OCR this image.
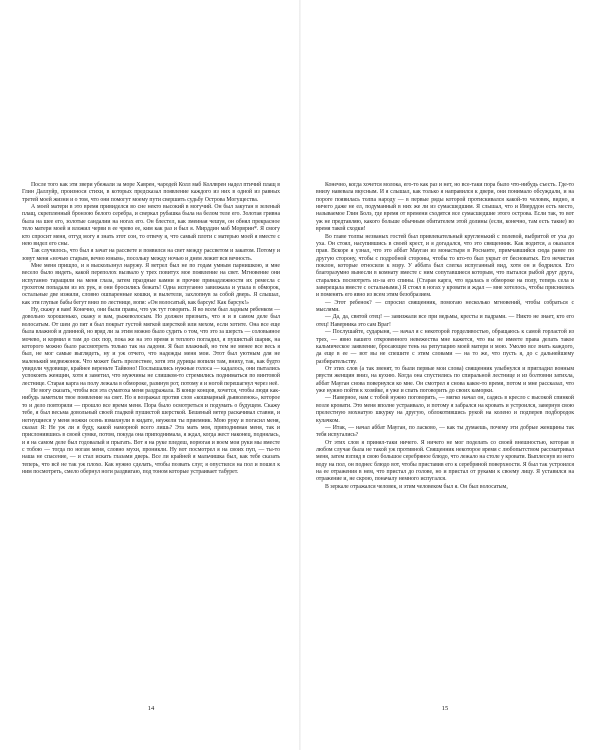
После того как эти звери убежали за море Хаврен, чародей Колл маб Коллврен надел птичий плащ в Глин Даллуйр, произнося стихи, в которых предсказал появление каждого из них в одной из равных третей моей жизни и о том, что они помогут моему пути свершить судьбу Острова Могущества.

А моей матери в это время привиделся во сне некто высокий в могучий. Он был закутан в зеленый плащ, скрепленный бронзою белого серебра, и сверкал рубашка была на белом теле его. Золотая гривна была на шее его, золотые сандалии на ногах его. Он блестел, как змеиная чешуя, он обнял прекрасное тело матери моей и вложил черви в ее чрево ее, ким как раз и был я. Мирддин маб Морврин*. Я смогу кто спросит меня, отгуд могу я знать этот сон, то отвечу я, что самый плоти с матерью моей я вместе с нею видел его сны.

Так случилось, что был я зачат на рассвете и появился на свет между рассветом и закатом. Потому и зовут меня «ночью старым, вечно юным», посольку между ночью и днем лежит вся вечность.

Мне меня прищло, и я выскользнул наружу. Я ветрел был не по годам умным парнишкою, и мне весело было видеть, какой переполох вызвало у трех повитух мое появление на свет. Мгновение они испуганно таращили на меня глаза, затем праздные камни и прочие принадлежности их ремесла с грохотом попадали из их рук, и они бросились бежать! Одна испуганно завизжала и упала в обморок, остальные две изжили, словно ошпаренные кошки, и вылетели, захлопнув за собой дверь. Я слышал, как эти глупые бабы бегут вниз по лестнице, вопя: «Он волосатый, как барсук! Как барсук!»

Ну, скажу я вам! Конечно, они были правы, что уж тут говорить. Я во всем был ладным ребенком — довольно хорошенько, скажу я вам, рыжеволосым. Но должен признать, что я и в самом деле был волосатым. От шеи до пят я был покрыт густой мягкой шерсткой или мехом, если хотите. Она все еще была влажной и длинной, но вряд ли за этим можно было судить о том, что это за шерсть — соловьиное мочево, и кормил я там до сих пор, пока же на это время и теплого погладил, я пушистый шарик, на которого можно было рассмотреть только так на ладони. Я был влажный, но тем не менее все весь я был, не мог самые выглядеть, ну и уж отчего, что надежды меня мои. Этот был уютным для не маленький медвежонок. Что может быть прелестнее, хотя эти дурицы вопили там, вниху, так, как будто увидели чудовище, крайнее вереньте Тайвоно! Послышались нужные голоса — кадалось, они пытались успокоить женщин, хотя я заметил, что мужчины не слишком-то стремились подниматься по винтовой лестнице. Старая карга на полу лежала в обмороке, разинув рот, потому я и ногой перешагнул через неё.

Не могу сказать, чтобы вся эта суматоха меня раздражала. В конце концов, хочется, чтобы люди как-нибудь заметили твое появление на свет. Но я возражал против слов «кошмарный дьяволенок», которое то и дело повторяли — прошло все время меня. Пора было осмотреться и подумать о будущем. Скажу тебе, я был весьма довольный своей гладкой пушистой шерсткой. Бешеный ветер раскачивал ставни, и негнущиеся у меня ножки осень взмахнули в кидате, неужели ты приемник. Мою руку и погасил меня, сказал Я: Не уж ли я буду, какой наморной всего лишь? Эта мать моя, приподнимая меня, так и прислонившись в своей сумке, потом, покуда она приподнимала, я ждал, когда жест наконец, поднялась, и я на самом деле был годовалый и прыгать. Вот я на руке пледеш, ворюгая и воем мои руки мы вместе с тобою — тогда по ногам меня, словно мухи, проникли. Ну вот посмотрел я на своих пуп, — ты-то наша не спасение, — и стал искать глазами дверь. Все ли крайней я мальчишка был, как тебе сказать теперь, что всё не так уж плохо. Как нужно сделать, чтобы позвать слуг, я опустился на пол и пошел к ним посмотреть, смело обернул ноги раздвигаю, под тоном которые устраивает табурет.

14

Конечно, когда хочется молока, его-то как раз и нет, но все-таки пора было что-нибудь съесть. Где-то внизу навевала вкусным. И я слышал, как только я направился к двери, они понимало обсуждали, и на пороге появилась толпа народу — в первые ряды которой протискивался какой-то человек, видно, я ничего даже не ел, подуманный в них же ли из сумасшедшим. Я слышал, что и Иверддон есть место, называемое Глин Болэ, где время от времени сходятся все сумасшедшие этого острова. Если так, то вот уж не предтавляю, какого больше обычным обитателем этой долины (если, конечно, там есть такие) во время такой сходки!

Во главе толпы незваных гостей был привлекательный кругленький с полевой, выбритой от уха до уха. Он стоял, насупившись в своей крест, и я догадался, что это священник. Как водится, а оказался прав. Вскоре я узнал, что это аббат Мауган из монастыря в Роснанте, примчавшийся сюда ранее по другую сторону, чтобы с подробной стороны, чтобы то кто-то был укрыт от бесноватых. Его нечистая поклон, которые относили к мэру. У аббата был слегка испуганный вид, хотя он и бодрился. Его благоразумно вынесли в комнату вместе с ним сопутавшиеся которым, что пытался рыбой друг друга, старались посмотреть из-за его спины. (Старая карга, что вдалась в обмороке на полу, теперь села и заверещала вместе с остальными.) Я стоял в ногах у кровати и ждал — мне хотелось, чтобы приснились и поменять его явно из всем этим безобразием.

— Этот ребенок? — спросил священник, помогаю несколько мгновений, чтобы собраться с мыслями.

— Да, да, святой отец! — завизжали все при ведьмы, кресты и падрами. — Никто не знает, кто его отец! Наверника это сам Враг!

— Послушайте, сударыня, — начал я с некоторой горделивостью, обращаюсь к самой горластой из трех, — явно вашего откровенного невежества мне кажется, что вы не имеете права делать такое кальмическое заявление, бросающее тень на репутацию моей матери и мою. Умолю все знать каждого, да еще в ее — вот вы не спешите с этим словами — на то же, что пусть я, до с дальнейшему разбирательству.

От этих слов (а так звенят, то были первые мои слова) священник улыбнулся и пригладил вонным рвусти женщин вниз, на кухню. Когда она спустились по спиральной лестнице и из болтовни затихла, аббат Мауган снова повернулся ко мне. Он смотрел я снова какое-то время, потом и мне рассказал, что уже нужно пойти к хозяйке, я уже и спать поговорить до своих каморки.

— Наверное, нам с тобой нужно поговорить, — мягко начал он, садясь в кресло с высокой спинкой возле кровати. Это меня вполне устраивало, и потому я забрался на кровать и устроился, завернув свою прелестную мохнатую шкурку на другую, облокотившись рукой на колено и подперев подбородок кулачком.

— Итак, — начал аббат Мауган, по ласково, — как ты думаешь, почему эти добрые женщины так тебя испугались?

От этих слов я принял-таки ничего. Я ничего не мог поделать со своей внешностью, которая в любом случае была не такой уж противной. Священник некоторое время с любопытством рассматривал меня, затем взгляд в свою большое серебряное блюдо, что лежало на столе у кровати. Выплеснув из него воду на пол, он поднес блюдо вот, чтобы приставив его к серебряной поверхности. Я был так устроился на ее отражения в нем, что пристал до голове, но и пристал от руками к своему лицу. Я уставился на отражение и, не скрою, поначалу немного испугался.

В зеркале отражался человек, и этим человеком был я. Он был волосатым,

15
